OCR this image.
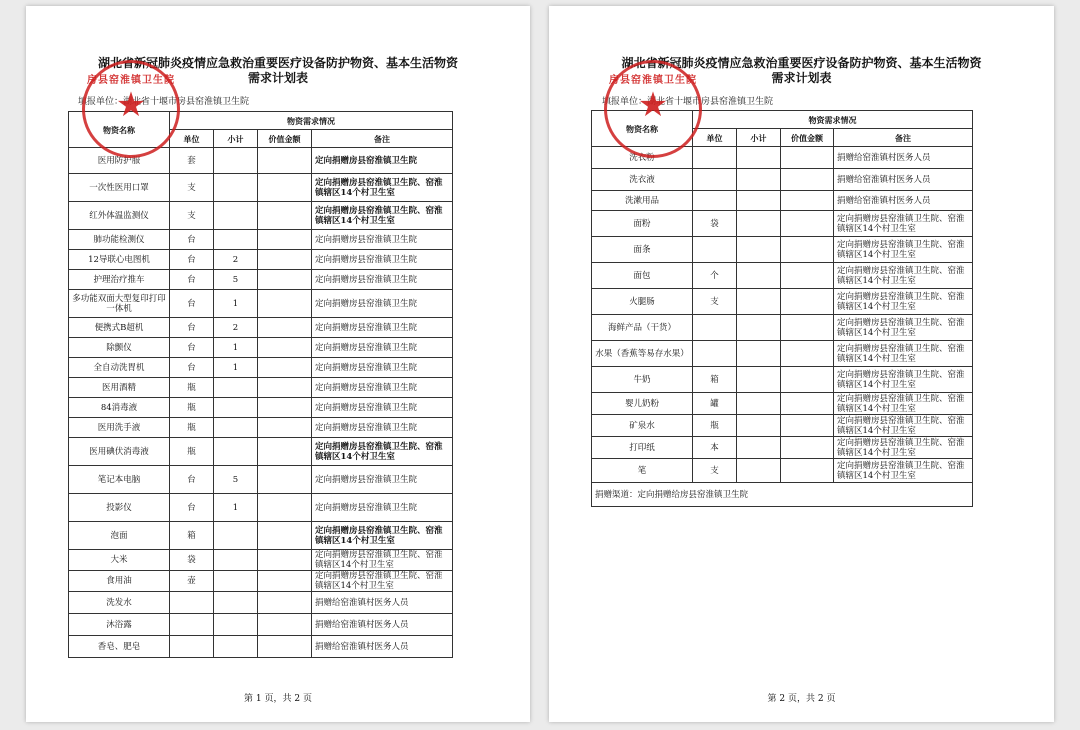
湖北省新冠肺炎疫情应急救治重要医疗设备防护物资、基本生活物资
需求计划表
填报单位：湖北省十堰市房县窑淮镇卫生院
物资名称	物资需求情况			
	单位	小计	价值金额	备注
医用防护服	套			定向捐赠房县窑淮镇卫生院
一次性医用口罩	支			定向捐赠房县窑淮镇卫生院、窑淮镇辖区14个村卫生室
红外体温监测仪	支			定向捐赠房县窑淮镇卫生院、窑淮镇辖区14个村卫生室
肺功能检测仪	台			定向捐赠房县窑淮镇卫生院
12导联心电图机	台	2		定向捐赠房县窑淮镇卫生院
护理治疗推车	台	5		定向捐赠房县窑淮镇卫生院
多功能双面大型复印打印一体机	台	1		定向捐赠房县窑淮镇卫生院
便携式B超机	台	2		定向捐赠房县窑淮镇卫生院
除颤仪	台	1		定向捐赠房县窑淮镇卫生院
全自动洗胃机	台	1		定向捐赠房县窑淮镇卫生院
医用酒精	瓶			定向捐赠房县窑淮镇卫生院
84消毒液	瓶			定向捐赠房县窑淮镇卫生院
医用洗手液	瓶			定向捐赠房县窑淮镇卫生院
医用碘伏消毒液	瓶			定向捐赠房县窑淮镇卫生院、窑淮镇辖区14个村卫生室
笔记本电脑	台	5		定向捐赠房县窑淮镇卫生院
投影仪	台	1		定向捐赠房县窑淮镇卫生院
泡面	箱			定向捐赠房县窑淮镇卫生院、窑淮镇辖区14个村卫生室
大米	袋			定向捐赠房县窑淮镇卫生院、窑淮镇辖区14个村卫生室
食用油	壶			定向捐赠房县窑淮镇卫生院、窑淮镇辖区14个村卫生室
洗发水				捐赠给窑淮镇村医务人员
沐浴露				捐赠给窑淮镇村医务人员
香皂、肥皂				捐赠给窑淮镇村医务人员
房县窑淮镇卫生院
★
第 1 页，共 2 页
湖北省新冠肺炎疫情应急救治重要医疗设备防护物资、基本生活物资
需求计划表
填报单位：湖北省十堰市房县窑淮镇卫生院
物资名称	物资需求情况			
	单位	小计	价值金额	备注
洗衣粉				捐赠给窑淮镇村医务人员
洗衣液				捐赠给窑淮镇村医务人员
洗漱用品				捐赠给窑淮镇村医务人员
面粉	袋			定向捐赠房县窑淮镇卫生院、窑淮镇辖区14个村卫生室
面条				定向捐赠房县窑淮镇卫生院、窑淮镇辖区14个村卫生室
面包	个			定向捐赠房县窑淮镇卫生院、窑淮镇辖区14个村卫生室
火腿肠	支			定向捐赠房县窑淮镇卫生院、窑淮镇辖区14个村卫生室
海鲜产品（干货）				定向捐赠房县窑淮镇卫生院、窑淮镇辖区14个村卫生室
水果（香蕉等易存水果）				定向捐赠房县窑淮镇卫生院、窑淮镇辖区14个村卫生室
牛奶	箱			定向捐赠房县窑淮镇卫生院、窑淮镇辖区14个村卫生室
婴儿奶粉	罐			定向捐赠房县窑淮镇卫生院、窑淮镇辖区14个村卫生室
矿泉水	瓶			定向捐赠房县窑淮镇卫生院、窑淮镇辖区14个村卫生室
打印纸	本			定向捐赠房县窑淮镇卫生院、窑淮镇辖区14个村卫生室
笔	支			定向捐赠房县窑淮镇卫生院、窑淮镇辖区14个村卫生室
捐赠渠道：定向捐赠给房县窑淮镇卫生院				
房县窑淮镇卫生院
★
第 2 页，共 2 页
